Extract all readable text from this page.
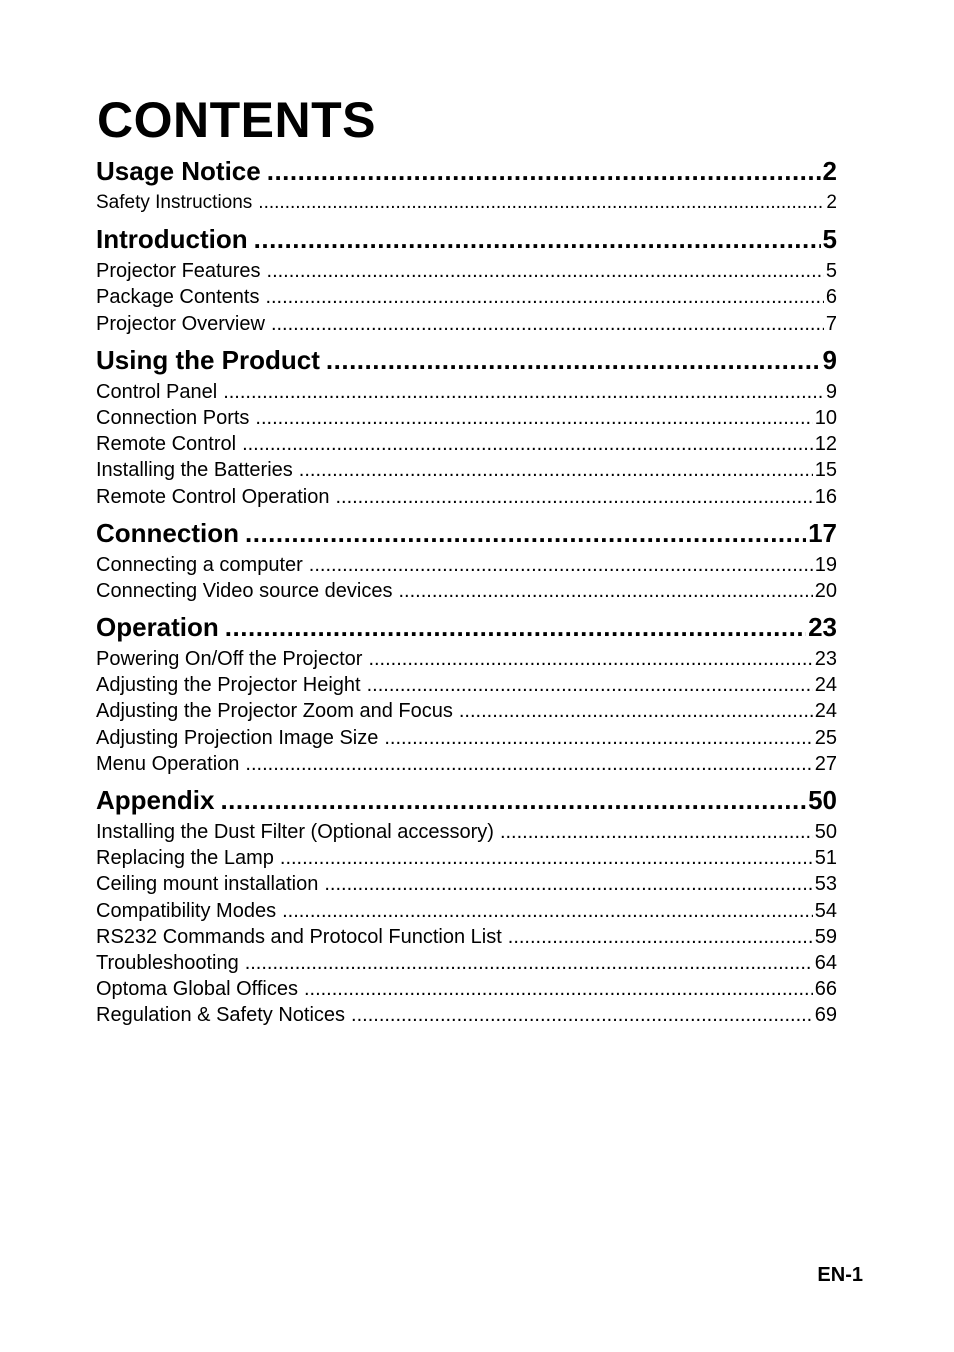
CONTENTS
Usage Notice .....	2
Safety Instructions .....	2
Introduction .....	5
Projector Features .....	5
Package Contents .....	6
Projector Overview .....	7
Using the Product .....	9
Control Panel .....	9
Connection Ports .....	10
Remote Control .....	12
Installing the Batteries .....	15
Remote Control Operation .....	16
Connection .....	17
Connecting a computer .....	19
Connecting Video source devices .....	20
Operation .....	23
Powering On/Off the Projector .....	23
Adjusting the Projector Height .....	24
Adjusting the Projector Zoom and Focus .....	24
Adjusting Projection Image Size .....	25
Menu Operation .....	27
Appendix .....	50
Installing the Dust Filter (Optional accessory) .....	50
Replacing the Lamp .....	51
Ceiling mount installation .....	53
Compatibility Modes .....	54
RS232 Commands and Protocol Function List .....	59
Troubleshooting .....	64
Optoma Global Offices .....	66
Regulation & Safety Notices .....	69
EN-1
